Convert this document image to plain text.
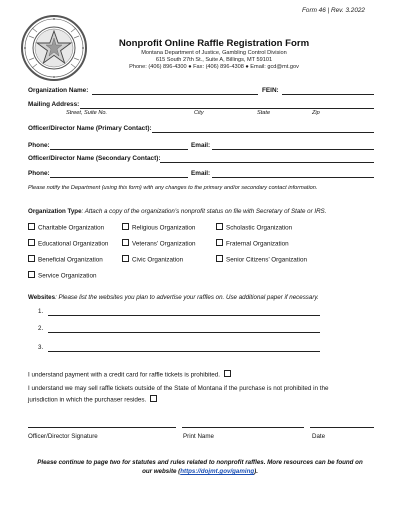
Form 46 | Rev. 3.2022
Nonprofit Online Raffle Registration Form
Montana Department of Justice, Gambling Control Division
615 South 27th St., Suite A, Billings, MT 59101
Phone: (406) 896-4300 ● Fax: (406) 896-4308 ● Email: gcd@mt.gov
Organization Name:	FEIN:
Mailing Address:
Street, Suite No.	City	State	Zip
Officer/Director Name (Primary Contact):
Phone:	Email:
Officer/Director Name (Secondary Contact):
Phone:	Email:
Please notify the Department (using this form) with any changes to the primary and/or secondary contact information.
Organization Type: Attach a copy of the organization’s nonprofit status on file with Secretary of State or IRS.
Charitable Organization	Religious Organization	Scholastic Organization
Educational Organization	Veterans’ Organization	Fraternal Organization
Beneficial Organization	Civic Organization	Senior Citizens’ Organization
Service Organization
Websites: Please list the websites you plan to advertise your raffles on. Use additional paper if necessary.
1.
2.
3.
I understand payment with a credit card for raffle tickets is prohibited.
I understand we may sell raffle tickets outside of the State of Montana if the purchase is not prohibited in the
jurisdiction in which the purchaser resides.
Officer/Director Signature	Print Name	Date
Please continue to page two for statutes and rules related to nonprofit raffles. More resources can be found on
our website (https://dojmt.gov/gaming).
